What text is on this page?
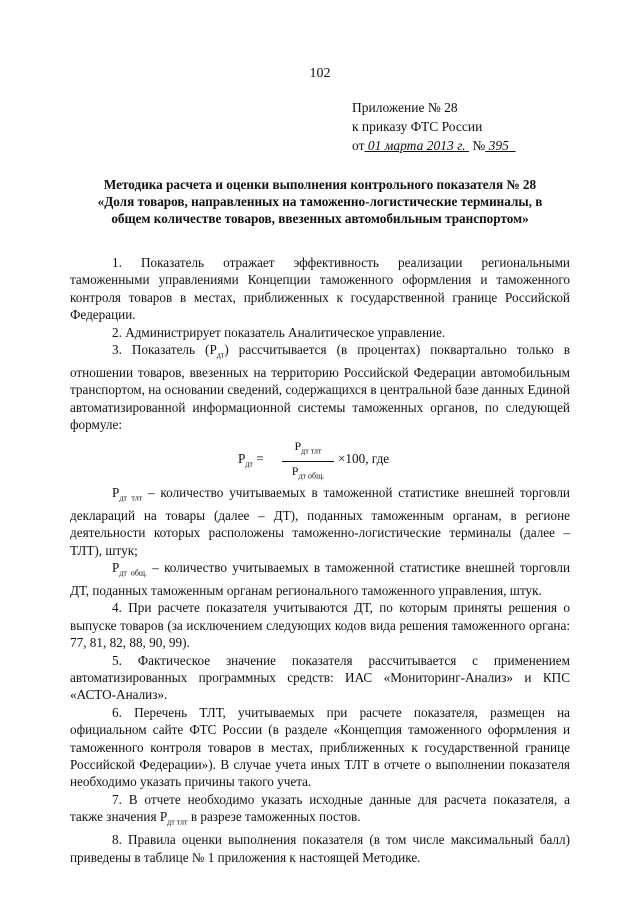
102
Приложение № 28
к приказу ФТС России
от 01 марта 2013 г. № 395
Методика расчета и оценки выполнения контрольного показателя № 28
«Доля товаров, направленных на таможенно-логистические терминалы, в
общем количестве товаров, ввезенных автомобильным транспортом»

1. Показатель отражает эффективность реализации региональными таможенными управлениями Концепции таможенного оформления и таможенного контроля товаров в местах, приближенных к государственной границе Российской Федерации.

2. Администрирует показатель Аналитическое управление.

3. Показатель $(Р_{дт})$ рассчитывается (в процентах) поквартально только в отношении товаров, ввезенных на территорию Российской Федерации автомобильным транспортом, на основании сведений, содержащихся в центральной базе данных Единой автоматизированной информационной системы таможенных органов, по следующей формуле:

$Р_{дт}$ =
$Р_{дт тлт}$
$Р_{дт общ.}$
×100, где

$Р_{дт тлт}$ – количество учитываемых в таможенной статистике внешней торговли деклараций на товары (далее – ДТ), поданных таможенным органам, в регионе деятельности которых расположены таможенно-логистические терминалы (далее – ТЛТ), штук;

$Р_{дт общ.}$ – количество учитываемых в таможенной статистике внешней торговли ДТ, поданных таможенным органам регионального таможенного управления, штук.

4. При расчете показателя учитываются ДТ, по которым приняты решения о выпуске товаров (за исключением следующих кодов вида решения таможенного органа: 77, 81, 82, 88, 90, 99).

5. Фактическое значение показателя рассчитывается с применением автоматизированных программных средств: ИАС «Мониторинг-Анализ» и КПС «АСТО-Анализ».

6. Перечень ТЛТ, учитываемых при расчете показателя, размещен на официальном сайте ФТС России (в разделе «Концепция таможенного оформления и таможенного контроля товаров в местах, приближенных к государственной границе Российской Федерации»). В случае учета иных ТЛТ в отчете о выполнении показателя необходимо указать причины такого учета.

7. В отчете необходимо указать исходные данные для расчета показателя, а также значения $Р_{дт тлт}$ в разрезе таможенных постов.

8. Правила оценки выполнения показателя (в том числе максимальный балл) приведены в таблице № 1 приложения к настоящей Методике.
